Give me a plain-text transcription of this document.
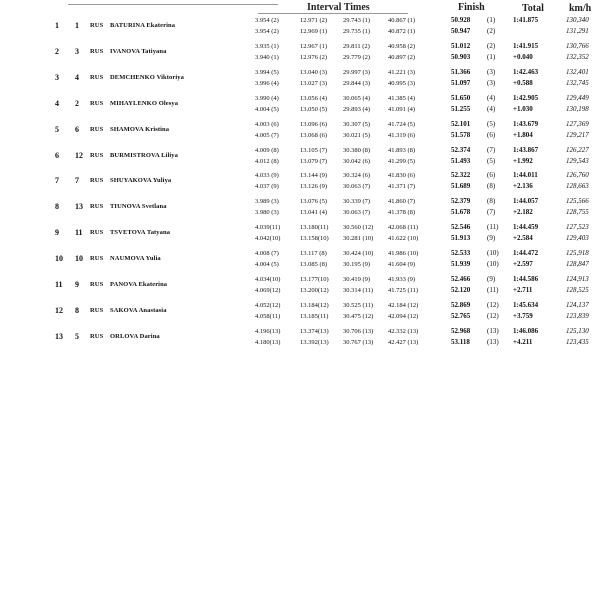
Interval Times	Finish	Total	km/h
1 1 RUS BATURINA Ekaterina
3.954 (2)	12.971 (2) 29.743 (1)	40.867 (1)	50.928 (1)	1:41.875	130,340
3.954 (2)	12.969 (1) 29.735 (1)	40.872 (1)	50.947 (2)	131,291
2 3 RUS IVANOVA Tatiyana
3.935 (1)	12.967 (1) 29.811 (2)	40.958 (2)	51.012 (2)	1:41.915	130,766
3.940 (1)	12.976 (2) 29.779 (2)	40.897 (2)	50.903 (1)	+0.040	132,352
3 4 RUS DEMCHENKO Viktoriya
3.994 (5)	13.040 (3) 29.997 (3)	41.221 (3)	51.366 (3)	1:42.463	132,401
3.996 (4)	13.027 (3) 29.844 (3)	40.995 (3)	51.097 (3)	+0.588	132,745
4 2 RUS MIHAYLENKO Olesya
3.990 (4)	13.056 (4) 30.065 (4)	41.385 (4)	51.650 (4)	1:42.905	129,449
4.004 (5)	13.050 (5) 29.893 (4)	41.091 (4)	51.255 (4)	+1.030	130,198
5 6 RUS SHAMOVA Kristina
4.003 (6)	13.096 (6) 30.307 (5)	41.724 (5)	52.101 (5)	1:43.679	127,369
4.005 (7)	13.068 (6) 30.021 (5)	41.319 (6)	51.578 (6)	+1.804	129,217
6 12 RUS BURMISTROVA Liliya
4.009 (8)	13.105 (7) 30.380 (8)	41.893 (8)	52.374 (7)	1:43.867	126,227
4.012 (8)	13.079 (7) 30.042 (6)	41.299 (5)	51.493 (5)	+1.992	129,543
7 7 RUS SHUYAKOVA Yuliya
4.033 (9)	13.144 (9) 30.324 (6)	41.830 (6)	52.322 (6)	1:44.011	126,760
4.037 (9)	13.126 (9) 30.063 (7)	41.371 (7)	51.689 (8)	+2.136	128,663
8 13 RUS TIUNOVA Svetlana
3.989 (3)	13.076 (5) 30.339 (7)	41.860 (7)	52.379 (8)	1:44.057	125,566
3.980 (3)	13.041 (4) 30.063 (7)	41.378 (8)	51.678 (7)	+2.182	128,755
9 11 RUS TSVETOVA Tatyana
4.039(11)	13.180(11) 30.560 (12) 42.068 (11)	52.546 (11) 1:44.459	127,523
4.042(10)	13.158(10) 30.281 (10) 41.622 (10)	51.913 (9)	+2.584	129,403
10 10 RUS NAUMOVA Yulia
4.008 (7)	13.117 (8) 30.424 (10) 41.986 (10)	52.533 (10) 1:44.472	125,918
4.004 (5)	13.085 (8) 30.195 (9)	41.604 (9)	51.939 (10) +2.597	128,847
11 9 RUS PANOVA Ekaterina
4.034(10)	13.177(10) 30.419 (9)	41.933 (9)	52.466 (9)	1:44.586	124,913
4.069(12)	13.200(12) 30.314 (11) 41.725 (11)	52.120 (11) +2.711	128,525
12 8 RUS SAKOVA Anastasia
4.052(12)	13.184(12) 30.525 (11) 42.184 (12)	52.869 (12) 1:45.634	124,137
4.058(11)	13.185(11) 30.475 (12) 42.094 (12)	52.765 (12) +3.759	123,839
13 5 RUS ORLOVA Darina
4.196(13)	13.374(13) 30.706 (13) 42.332 (13)	52.968 (13) 1:46.086	125,130
4.180(13)	13.392(13) 30.767 (13) 42.427 (13)	53.118 (13) +4.211	123,435
